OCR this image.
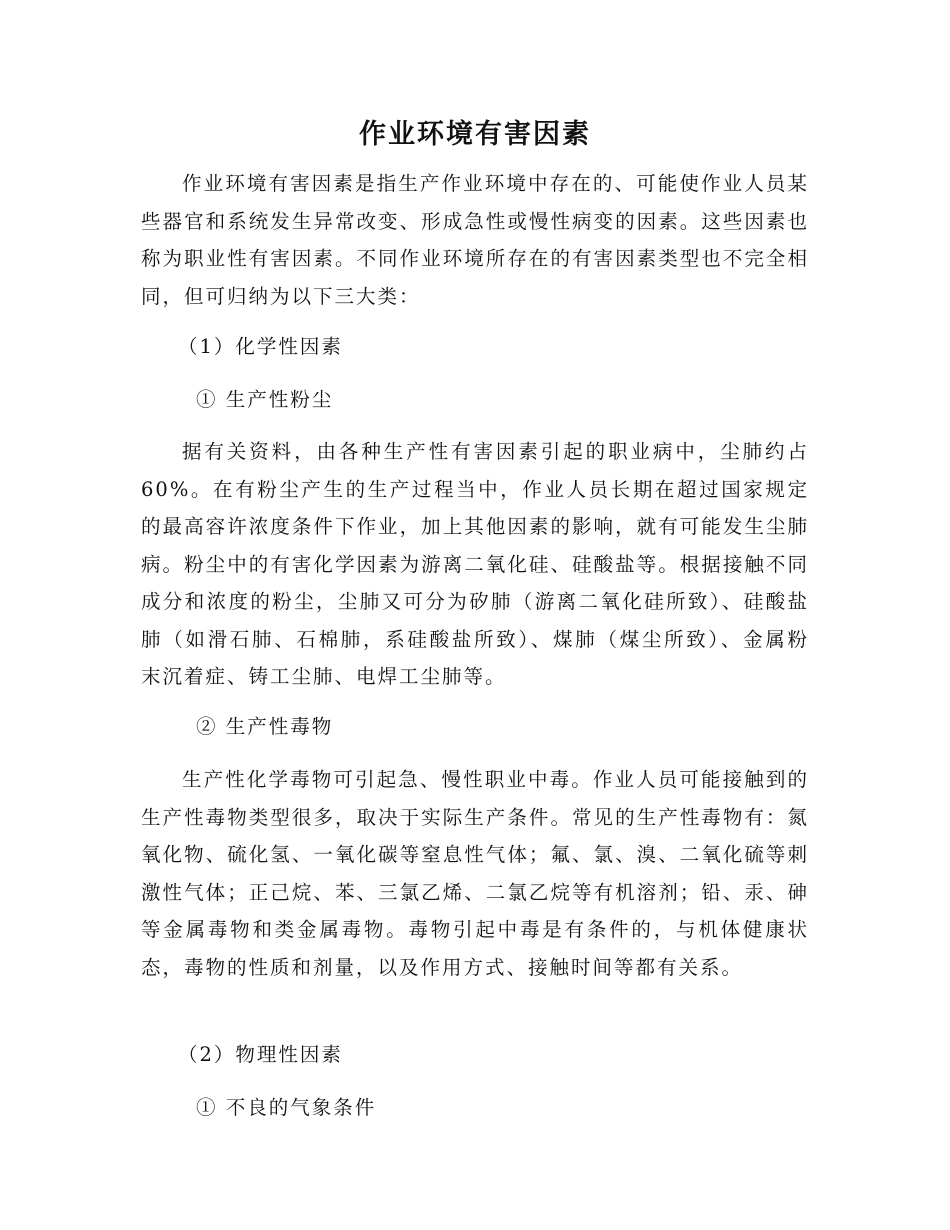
作业环境有害因素

作业环境有害因素是指生产作业环境中存在的、可能使作业人员某些器官和系统发生异常改变、形成急性或慢性病变的因素。这些因素也称为职业性有害因素。不同作业环境所存在的有害因素类型也不完全相同，但可归纳为以下三大类：

（1）化学性因素
① 生产性粉尘

据有关资料，由各种生产性有害因素引起的职业病中，尘肺约占60%。在有粉尘产生的生产过程当中，作业人员长期在超过国家规定的最高容许浓度条件下作业，加上其他因素的影响，就有可能发生尘肺病。粉尘中的有害化学因素为游离二氧化硅、硅酸盐等。根据接触不同成分和浓度的粉尘，尘肺又可分为矽肺（游离二氧化硅所致）、硅酸盐肺（如滑石肺、石棉肺，系硅酸盐所致）、煤肺（煤尘所致）、金属粉末沉着症、铸工尘肺、电焊工尘肺等。

② 生产性毒物

生产性化学毒物可引起急、慢性职业中毒。作业人员可能接触到的生产性毒物类型很多，取决于实际生产条件。常见的生产性毒物有：氮氧化物、硫化氢、一氧化碳等窒息性气体；氟、氯、溴、二氧化硫等刺激性气体；正己烷、苯、三氯乙烯、二氯乙烷等有机溶剂；铅、汞、砷等金属毒物和类金属毒物。毒物引起中毒是有条件的，与机体健康状态，毒物的性质和剂量，以及作用方式、接触时间等都有关系。

（2）物理性因素
① 不良的气象条件
